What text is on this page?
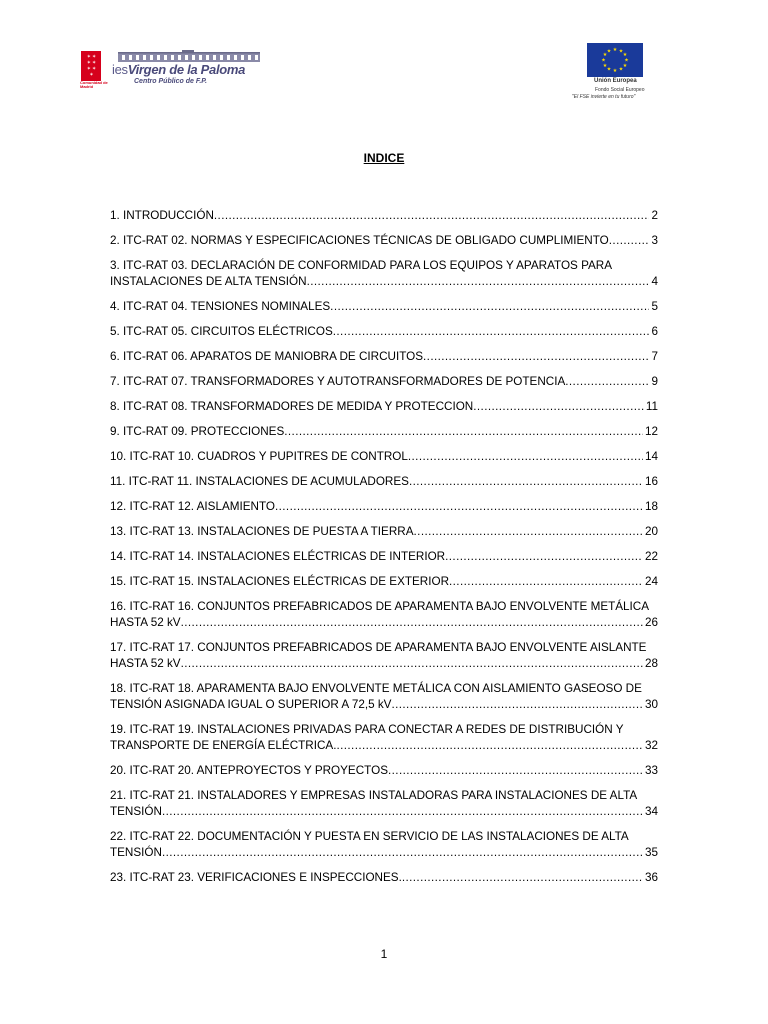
✶✶
✶✶
✶✶
✶
Comunidad de Madrid
iesVirgen de la Paloma
Centro Público de F.P.
★ ★
★
★
★
★
★
★
★
★
★
★
Unión Europea
Fondo Social Europeo
"El FSE invierte en tu futuro"
INDICE
1. INTRODUCCIÓN .....	2
2. ITC-RAT 02. NORMAS Y ESPECIFICACIONES TÉCNICAS DE OBLIGADO CUMPLIMIENTO .....	3
3. ITC-RAT 03. DECLARACIÓN DE CONFORMIDAD PARA LOS EQUIPOS Y APARATOS PARA
INSTALACIONES DE ALTA TENSIÓN .....	4
4. ITC-RAT 04. TENSIONES NOMINALES .....	5
5. ITC-RAT 05. CIRCUITOS ELÉCTRICOS .....	6
6. ITC-RAT 06. APARATOS DE MANIOBRA DE CIRCUITOS .....	7
7. ITC-RAT 07. TRANSFORMADORES Y AUTOTRANSFORMADORES DE POTENCIA .....	9
8. ITC-RAT 08. TRANSFORMADORES DE MEDIDA Y PROTECCION .....	11
9. ITC-RAT 09. PROTECCIONES .....	12
10. ITC-RAT 10. CUADROS Y PUPITRES DE CONTROL .....	14
11. ITC-RAT 11. INSTALACIONES DE ACUMULADORES .....	16
12. ITC-RAT 12. AISLAMIENTO .....	18
13. ITC-RAT 13. INSTALACIONES DE PUESTA A TIERRA .....	20
14. ITC-RAT 14. INSTALACIONES ELÉCTRICAS DE INTERIOR .....	22
15. ITC-RAT 15. INSTALACIONES ELÉCTRICAS DE EXTERIOR .....	24
16. ITC-RAT 16. CONJUNTOS PREFABRICADOS DE APARAMENTA BAJO ENVOLVENTE METÁLICA
HASTA 52 kV .....	26
17. ITC-RAT 17. CONJUNTOS PREFABRICADOS DE APARAMENTA BAJO ENVOLVENTE AISLANTE
HASTA 52 kV .....	28
18. ITC-RAT 18. APARAMENTA BAJO ENVOLVENTE METÁLICA CON AISLAMIENTO GASEOSO DE
TENSIÓN ASIGNADA IGUAL O SUPERIOR A 72,5 kV .....	30
19. ITC-RAT 19. INSTALACIONES PRIVADAS PARA CONECTAR A REDES DE DISTRIBUCIÓN Y
TRANSPORTE DE ENERGÍA ELÉCTRICA. .....	32
20. ITC-RAT 20. ANTEPROYECTOS Y PROYECTOS .....	33
21. ITC-RAT 21. INSTALADORES Y EMPRESAS INSTALADORAS PARA INSTALACIONES DE ALTA
TENSIÓN .....	34
22. ITC-RAT 22. DOCUMENTACIÓN Y PUESTA EN SERVICIO DE LAS INSTALACIONES DE ALTA
TENSIÓN .....	35
23. ITC-RAT 23. VERIFICACIONES E INSPECCIONES. .....	36
1
